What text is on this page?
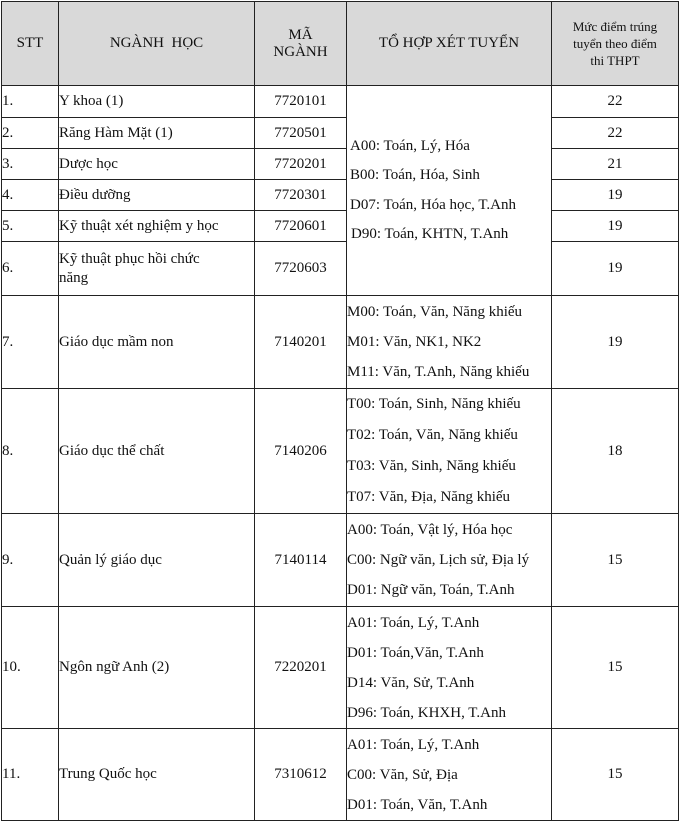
STT	NGÀNH  HỌC	MÃ
NGÀNH	TỔ HỢP XÉT TUYỂN	Mức điểm trúng
tuyển theo điểm
thi THPT

1.	Y khoa (1)	7720101	A00: Toán, Lý, Hóa
B00: Toán, Hóa, Sinh
D07: Toán, Hóa học, T.Anh
D90: Toán, KHTN, T.Anh	22
2.	Răng Hàm Mặt (1)	7720501		22
3.	Dược học	7720201		21
4.	Điều dưỡng	7720301		19
5.	Kỹ thuật xét nghiệm y học	7720601		19
6.	Kỹ thuật phục hồi chức
năng	7720603		19
7.	Giáo dục mầm non	7140201	M00: Toán, Văn, Năng khiếu
M01: Văn, NK1, NK2
M11: Văn, T.Anh, Năng khiếu	19
8.	Giáo dục thể chất	7140206	T00: Toán, Sinh, Năng khiếu
T02: Toán, Văn, Năng khiếu
T03: Văn, Sinh, Năng khiếu
T07: Văn, Địa, Năng khiếu	18
9.	Quản lý giáo dục	7140114	A00: Toán, Vật lý, Hóa học
C00: Ngữ văn, Lịch sử, Địa lý
D01: Ngữ văn, Toán, T.Anh	15
10.	Ngôn ngữ Anh (2)	7220201	A01: Toán, Lý, T.Anh
D01: Toán,Văn, T.Anh
D14: Văn, Sử, T.Anh
D96: Toán, KHXH, T.Anh	15
11.	Trung Quốc học	7310612	A01: Toán, Lý, T.Anh
C00: Văn, Sử, Địa
D01: Toán, Văn, T.Anh	15
